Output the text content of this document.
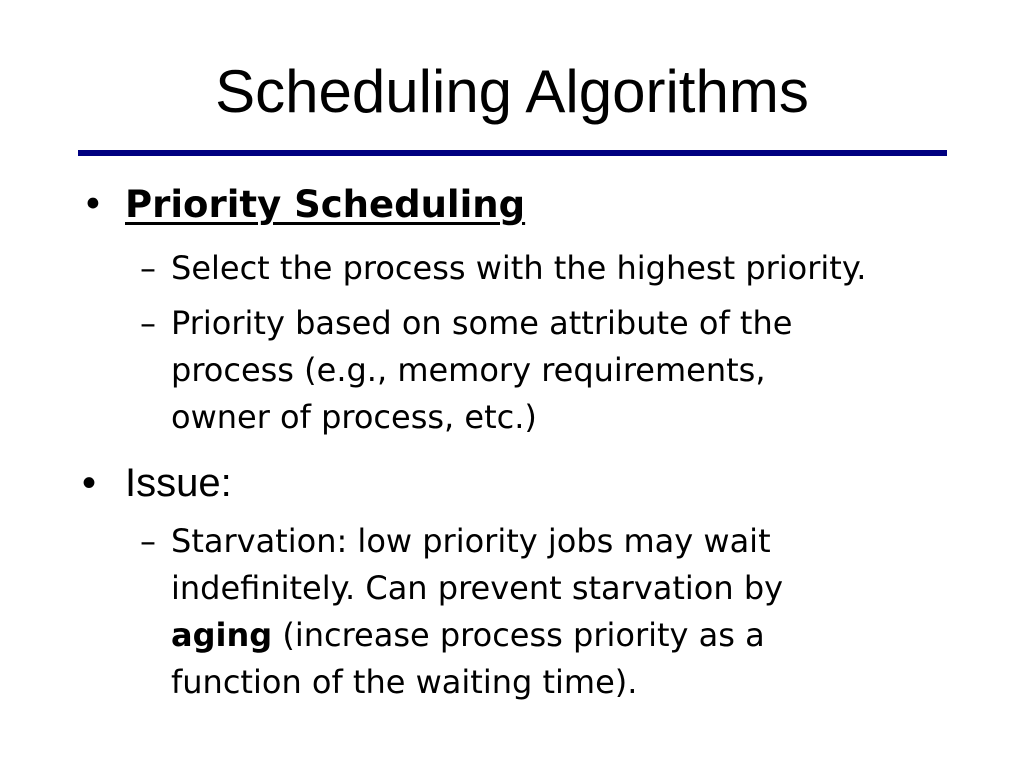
Scheduling Algorithms
• Priority Scheduling
– Select the process with the highest priority.
– Priority based on some attribute of the
process (e.g., memory requirements,
owner of process, etc.)
• Issue:
– Starvation: low priority jobs may wait
indefinitely. Can prevent starvation by
aging (increase process priority as a
function of the waiting time).
